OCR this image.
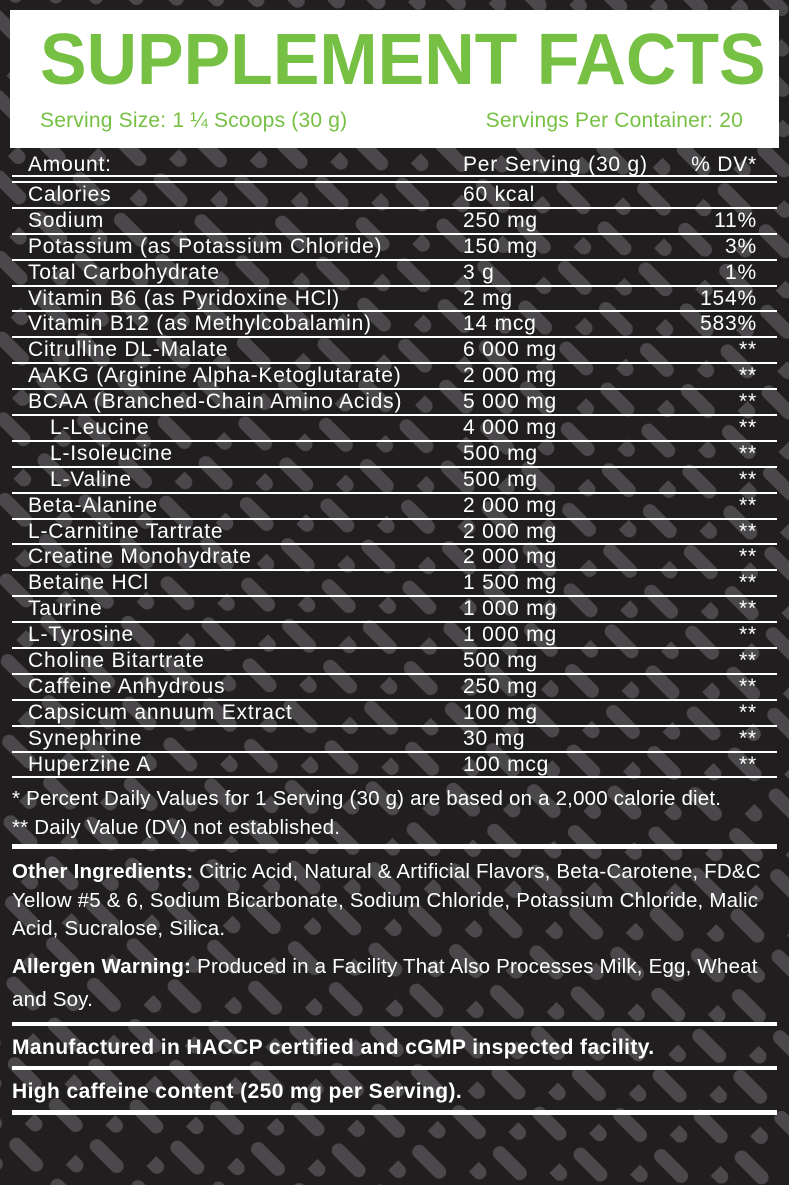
SUPPLEMENT FACTS
Serving Size: 1 ¼ Scoops (30 g)	Servings Per Container: 20
Amount:	Per Serving (30 g)	% DV*
Calories	60 kcal
Sodium	250 mg	11%
Potassium (as Potassium Chloride)	150 mg	3%
Total Carbohydrate	3 g	1%
Vitamin B6 (as Pyridoxine HCl)	2 mg	154%
Vitamin B12 (as Methylcobalamin)	14 mcg	583%
Citrulline DL-Malate	6 000 mg	**
AAKG (Arginine Alpha-Ketoglutarate)	2 000 mg	**
BCAA (Branched-Chain Amino Acids)	5 000 mg	**
L-Leucine	4 000 mg	**
L-Isoleucine	500 mg	**
L-Valine	500 mg	**
Beta-Alanine	2 000 mg	**
L-Carnitine Tartrate	2 000 mg	**
Creatine Monohydrate	2 000 mg	**
Betaine HCl	1 500 mg	**
Taurine	1 000 mg	**
L-Tyrosine	1 000 mg	**
Choline Bitartrate	500 mg	**
Caffeine Anhydrous	250 mg	**
Capsicum annuum Extract	100 mg	**
Synephrine	30 mg	**
Huperzine A	100 mcg	**
* Percent Daily Values for 1 Serving (30 g) are based on a 2,000 calorie diet.
** Daily Value (DV) not established.

Other Ingredients: Citric Acid, Natural & Artificial Flavors, Beta-Carotene, FD&C Yellow #5 & 6, Sodium Bicarbonate, Sodium Chloride, Potassium Chloride, Malic Acid, Sucralose, Silica.

Allergen Warning: Produced in a Facility That Also Processes Milk, Egg, Wheat and Soy.

Manufactured in HACCP certified and cGMP inspected facility.
High caffeine content (250 mg per Serving).
